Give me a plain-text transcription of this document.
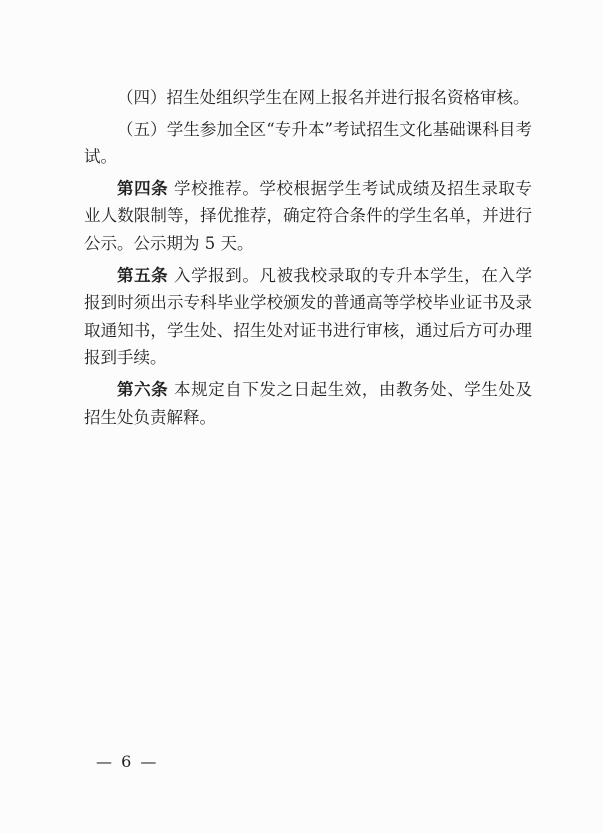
（四）招生处组织学生在网上报名并进行报名资格审核。

（五）学生参加全区“专升本”考试招生文化基础课科目考试。

第四条 学校推荐。学校根据学生考试成绩及招生录取专业人数限制等，择优推荐，确定符合条件的学生名单，并进行公示。公示期为 5 天。

第五条 入学报到。凡被我校录取的专升本学生，在入学报到时须出示专科毕业学校颁发的普通高等学校毕业证书及录取通知书，学生处、招生处对证书进行审核，通过后方可办理报到手续。

第六条 本规定自下发之日起生效，由教务处、学生处及招生处负责解释。

— 6 —
